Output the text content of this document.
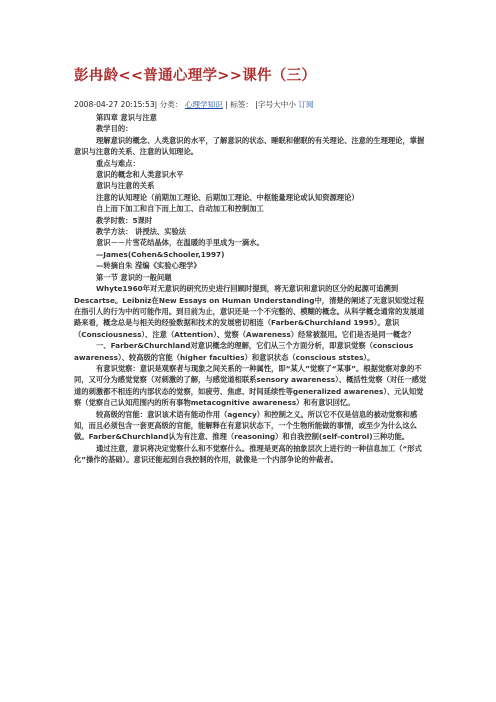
彭冉龄<<普通心理学>>课件（三）
2008-04-27 20:15:53| 分类： 心理学知识 | 标签： |字号大中小 订阅

第四章 意识与注意

教学目的：

理解意识的概念、人类意识的水平，了解意识的状态、睡眠和催眠的有关理论、注意的生理理论，掌握意识与注意的关系、注意的认知理论。

重点与难点：

意识的概念和人类意识水平

意识与注意的关系

注意的认知理论（前期加工理论、后期加工理论、中枢能量理论或认知资源理论）

自上而下加工和自下而上加工、自动加工和控制加工

教学时数：5课时

教学方法： 讲授法、实验法

意识－－片雪花结晶体，在温暖的手里成为一滴水。

—James(Cohen&Schooler,1997)

—转摘自朱 滢编《实验心理学》

第一节 意识的一般问题

Whyte1960年对无意识的研究历史进行回顾时提到，将无意识和意识的区分的起源可追溯到Descartse。Leibniz在New Essays on Human Understanding中，清楚的阐述了无意识知觉过程在指引人的行为中的可能作用。到目前为止，意识还是一个不完整的、模糊的概念。从科学概念通常的发展道路来看，概念总是与相关的经验数据和技术的发展密切相连（Farber&Churchland 1995）。意识（Consciousness）、注意（Attention）、觉察（Awareness）经常被混用。它们是否是同一概念？

一、Farber&Churchland对意识概念的理解，它们从三个方面分析，即意识觉察（conscious awareness）、较高级的官能（higher faculties）和意识状态（conscious ststes）。

有意识觉察：意识是观察者与现象之间关系的一种属性，即“某人”觉察了“某事”。根据觉察对象的不同，又可分为感觉觉察（对刺激的了解，与感觉道相联系sensory awareness）、概括性觉察（对任一感觉道的刺激都不相连的内部状态的觉察，如疲劳、焦虑、时间延续性等generalized awarenes）、元认知觉察（觉察自己认知范围内的所有事物metacognitive awareness）和有意识回忆。

较高级的官能：意识该术语有能动作用（agency）和控制之义。所以它不仅是信息的被动觉察和感知，而且必须包含一套更高级的官能，能解释在有意识状态下，一个生物所能做的事情，或至少为什么这么做。Farber&Churchland认为有注意、推理（reasoning）和自我控制(self-control)三种功能。

通过注意，意识将决定觉察什么和不觉察什么。推理是更高的抽象层次上进行的一种信息加工（“形式化”操作的基础）。意识还能起到自我控制的作用，就像是一个内部争论的仲裁者。
